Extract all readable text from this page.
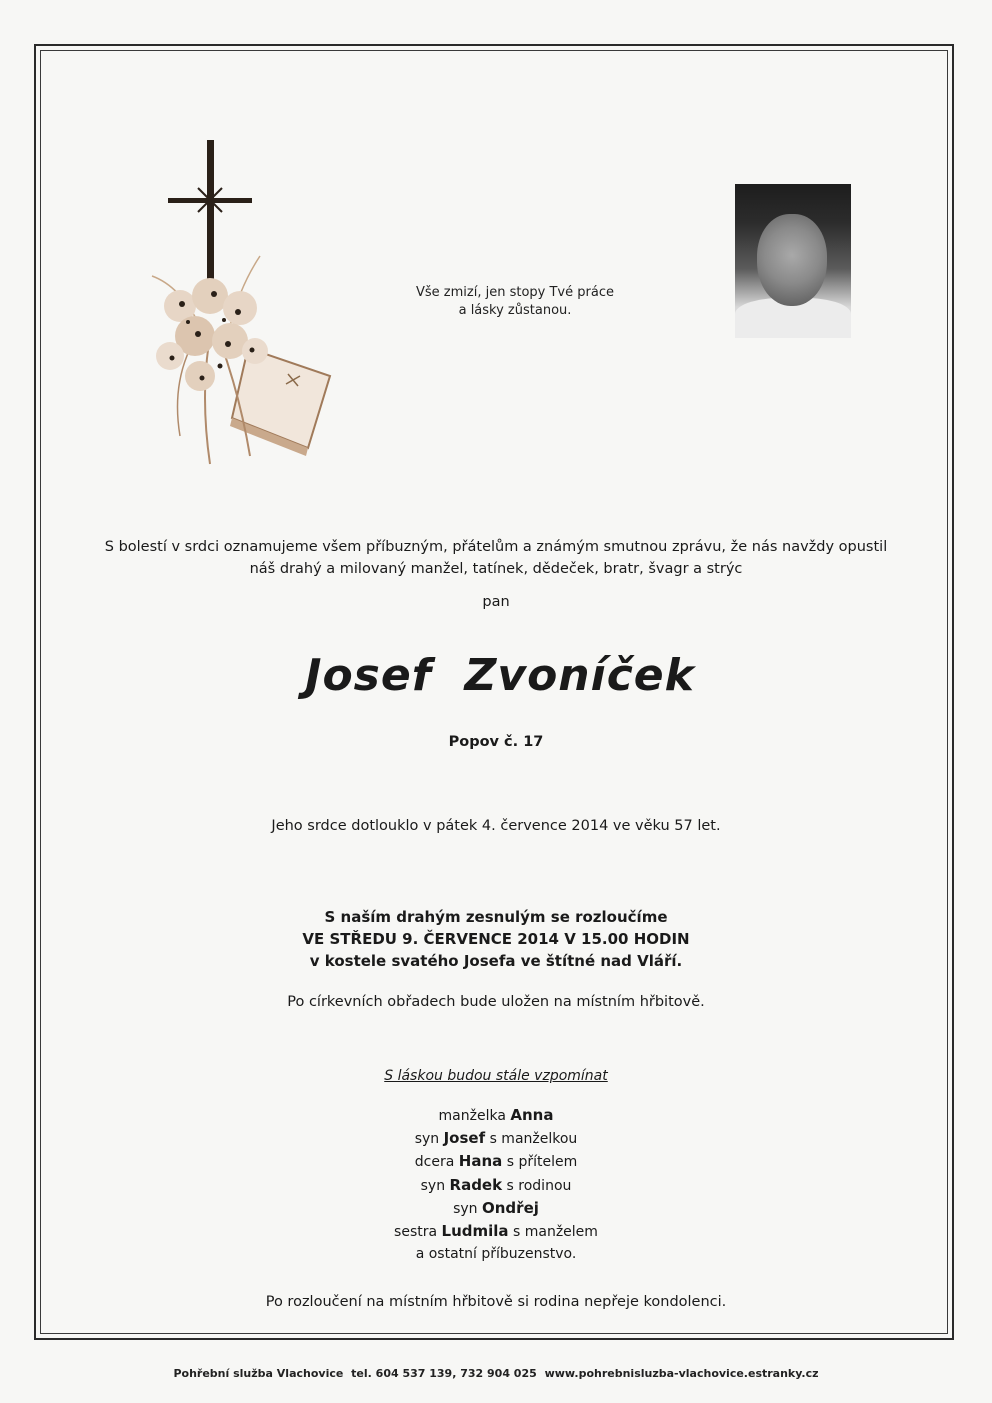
Vše zmizí, jen stopy Tvé práce
a lásky zůstanou.
S bolestí v srdci oznamujeme všem příbuzným, přátelům a známým smutnou zprávu, že nás navždy opustil
náš drahý a milovaný manžel, tatínek, dědeček, bratr, švagr a strýc
pan
Josef  Zvoníček
Popov č. 17
Jeho srdce dotlouklo v pátek 4. července 2014 ve věku 57 let.
S naším drahým zesnulým se rozloučíme
VE STŘEDU 9. ČERVENCE 2014 V 15.00 HODIN
v kostele svatého Josefa ve štítné nad Vláří.
Po církevních obřadech bude uložen na místním hřbitově.
S láskou budou stále vzpomínat
manželka Anna
syn Josef s manželkou
dcera Hana s přítelem
syn Radek s rodinou
syn Ondřej
sestra Ludmila s manželem
a ostatní příbuzenstvo.
Po rozloučení na místním hřbitově si rodina nepřeje kondolenci.
Pohřební služba Vlachovice tel. 604 537 139, 732 904 025 www.pohrebnisluzba-vlachovice.estranky.cz
